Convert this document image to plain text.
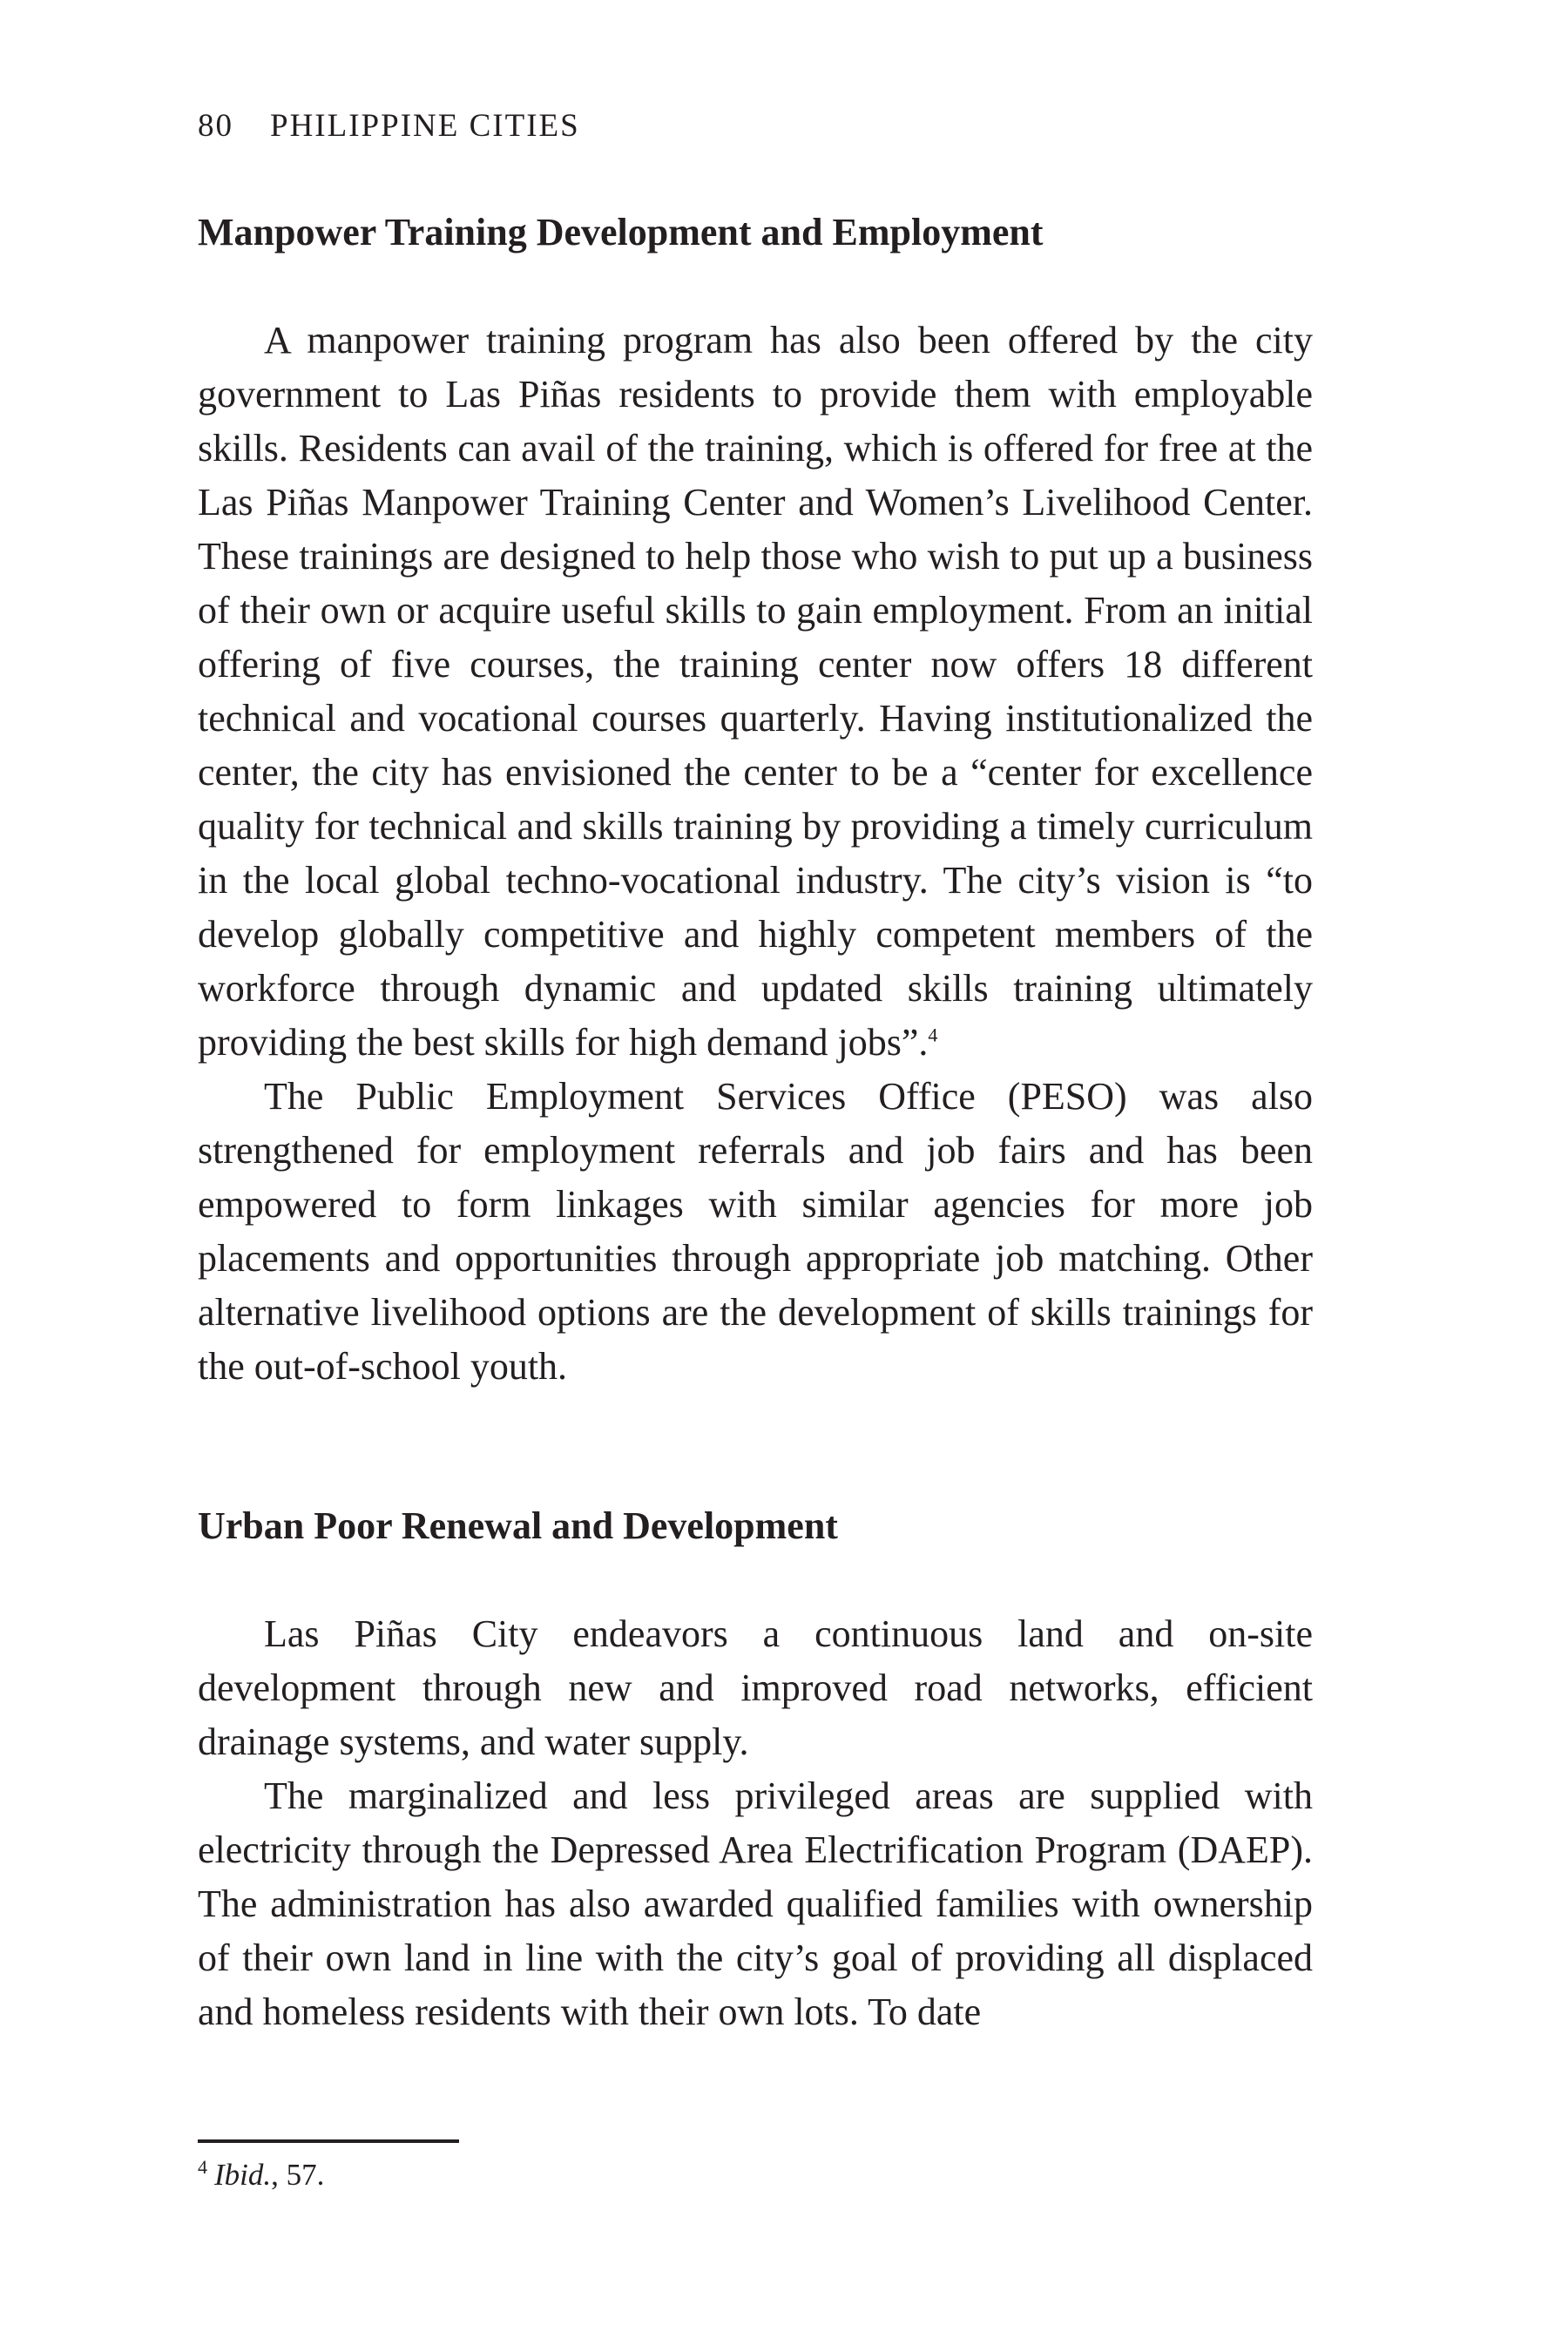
80 PHILIPPINE CITIES
Manpower Training Development and Employment

A manpower training program has also been offered by the city government to Las Piñas residents to provide them with employable skills. Residents can avail of the training, which is offered for free at the Las Piñas Manpower Training Center and Women’s Livelihood Center. These trainings are designed to help those who wish to put up a business of their own or acquire useful skills to gain employment. From an initial offering of five courses, the training center now offers 18 different technical and vocational courses quarterly. Having institutionalized the center, the city has envisioned the center to be a “center for excellence quality for technical and skills training by providing a timely curriculum in the local global techno-vocational industry. The city’s vision is “to develop globally competitive and highly competent members of the workforce through dynamic and updated skills training ultimately providing the best skills for high demand jobs”.$^4$

The Public Employment Services Office (PESO) was also strengthened for employment referrals and job fairs and has been empowered to form linkages with similar agencies for more job placements and opportunities through appropriate job matching. Other alternative livelihood options are the development of skills trainings for the out-of-school youth.

Urban Poor Renewal and Development

Las Piñas City endeavors a continuous land and on-site development through new and improved road networks, efficient drainage systems, and water supply.

The marginalized and less privileged areas are supplied with electricity through the Depressed Area Electrification Program (DAEP). The administration has also awarded qualified families with ownership of their own land in line with the city’s goal of providing all displaced and homeless residents with their own lots. To date

$^4$ Ibid., 57.
